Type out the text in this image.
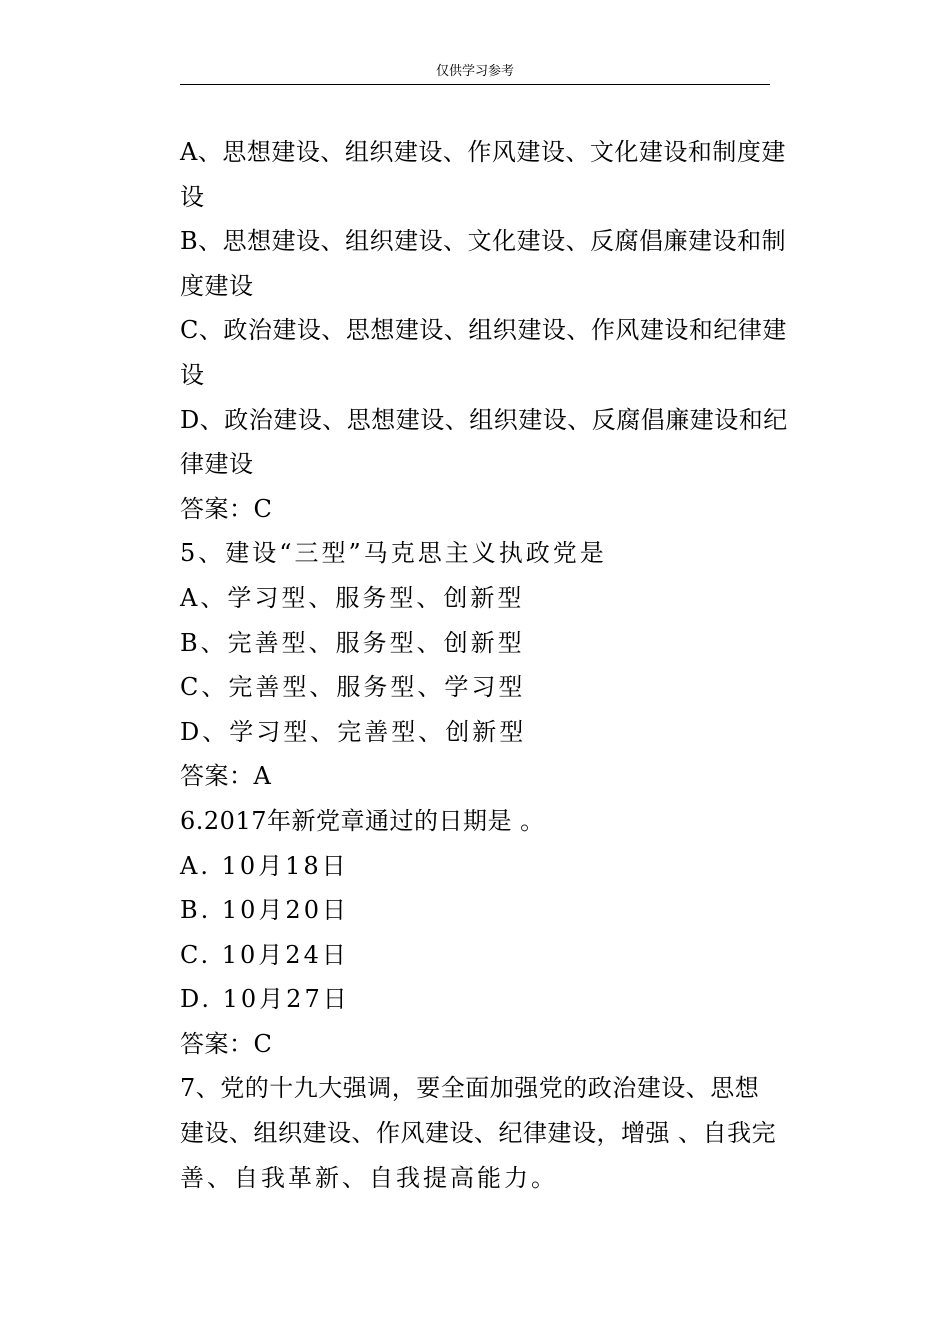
仅供学习参考
A、思想建设、组织建设、作风建设、文化建设和制度建
设
B、思想建设、组织建设、文化建设、反腐倡廉建设和制
度建设
C、政治建设、思想建设、组织建设、作风建设和纪律建
设
D、政治建设、思想建设、组织建设、反腐倡廉建设和纪
律建设
答案：C
5、建设“三型”马克思主义执政党是
A、学习型、服务型、创新型
B、完善型、服务型、创新型
C、完善型、服务型、学习型
D、学习型、完善型、创新型
答案：A
6.2017年新党章通过的日期是 。
A. 10月18日
B. 10月20日
C. 10月24日
D. 10月27日
答案：C
7、党的十九大强调，要全面加强党的政治建设、思想
建设、组织建设、作风建设、纪律建设，增强 、自我完
善、自我革新、自我提高能力。
